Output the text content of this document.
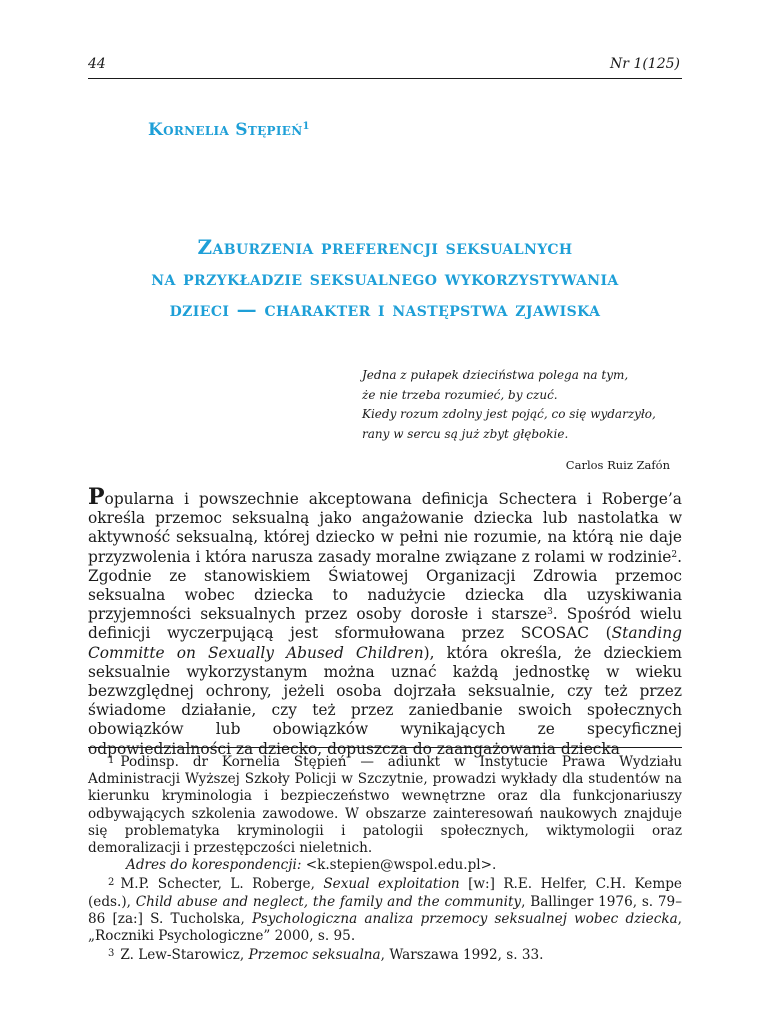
44	Nr 1(125)
Kornelia Stępień$^1$
Zaburzenia preferencji seksualnych
na przykładzie seksualnego wykorzystywania
dzieci — charakter i następstwa zjawiska
Jedna z pułapek dzieciństwa polega na tym,
że nie trzeba rozumieć, by czuć.
Kiedy rozum zdolny jest pojąć, co się wydarzyło,
rany w sercu są już zbyt głębokie.
Carlos Ruiz Zafón

Popularna i powszechnie akceptowana definicja Schectera i Roberge’a określa przemoc seksualną jako angażowanie dziecka lub nastolatka w aktywność seksualną, której dziecko w pełni nie rozumie, na którą nie daje przyzwolenia i która narusza zasady moralne związane z rolami w rodzinie$^2$. Zgodnie ze stanowiskiem Światowej Organizacji Zdrowia przemoc seksualna wobec dziecka to nadużycie dziecka dla uzyskiwania przyjemności seksualnych przez osoby dorosłe i starsze$^3$. Spośród wielu definicji wyczerpującą jest sformułowana przez SCOSAC (Standing Committe on Sexually Abused Children), która określa, że dzieckiem seksualnie wykorzystanym można uznać każdą jednostkę w wieku bezwzględnej ochrony, jeżeli osoba dojrzała seksualnie, czy też przez świadome działanie, czy też przez zaniedbanie swoich społecznych obowiązków lub obowiązków wynikających ze specyficznej odpowiedzialności za dziecko, dopuszcza do zaangażowania dziecka

$^1$ Podinsp. dr Kornelia Stępień — adiunkt w Instytucie Prawa Wydziału Administracji Wyższej Szkoły Policji w Szczytnie, prowadzi wykłady dla studentów na kierunku kryminologia i bezpieczeństwo wewnętrzne oraz dla funkcjonariuszy odbywających szkolenia zawodowe. W obszarze zainteresowań naukowych znajduje się problematyka kryminologii i patologii społecznych, wiktymologii oraz demoralizacji i przestępczości nieletnich.

Adres do korespondencji: <k.stepien@wspol.edu.pl>.

$^2$ M.P. Schecter, L. Roberge, Sexual exploitation [w:] R.E. Helfer, C.H. Kempe (eds.), Child abuse and neglect, the family and the community, Ballinger 1976, s. 79–86 [za:] S. Tucholska, Psychologiczna analiza przemocy seksualnej wobec dziecka, „Roczniki Psychologiczne” 2000, s. 95.

$^3$ Z. Lew-Starowicz, Przemoc seksualna, Warszawa 1992, s. 33.
